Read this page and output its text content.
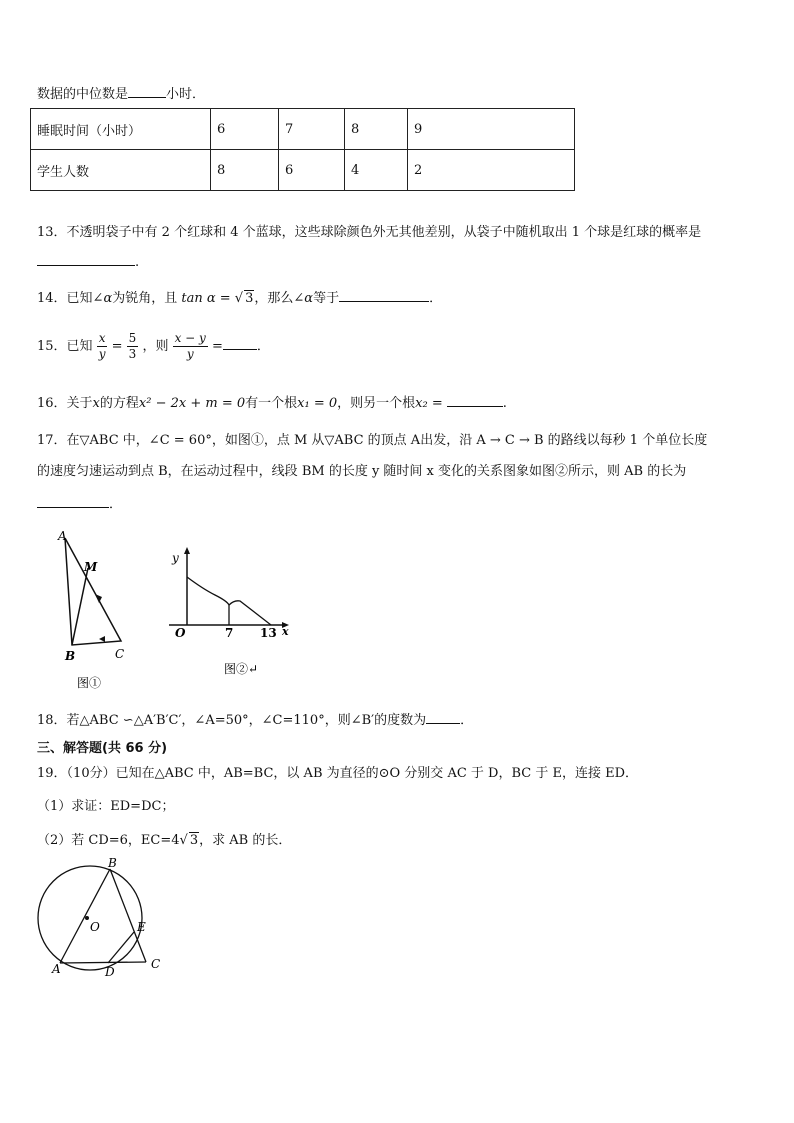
数据的中位数是	小时．
睡眠时间（小时）	6	7	8	9
学生人数	8	6	4	2
13．不透明袋子中有 2 个红球和 4 个蓝球，这些球除颜色外无其他差别，从袋子中随机取出 1 个球是红球的概率是
.
14．已知∠α为锐角，且 tan α = √ 3，那么∠α等于	．
15．已知 $\frac{x}{y} = \frac{5}{3}$ ，则 $\frac{x - y}{y}$ =	．
16．关于x的方程x² − 2x + m = 0有一个根x₁ = 0，则另一个根x₂ =	.
17．在▽ABC 中，∠C = 60°，如图①，点 M 从▽ABC 的顶点 A出发，沿 A → C → B 的路线以每秒 1 个单位长度
的速度匀速运动到点 B，在运动过程中，线段 BM 的长度 y 随时间 x 变化的关系图象如图②所示，则 AB 的长为
．
A
M
B	C
图①
y
O	7 13 x
图②↵
18．若△ABC ∽△A′B′C′，∠A=50°，∠C=110°，则∠B′的度数为	．
三、解答题(共 66 分)
19．（10分）已知在△ABC 中，AB=BC，以 AB 为直径的⊙O 分别交 AC 于 D，BC 于 E，连接 ED．
（1）求证：ED=DC；
（2）若 CD=6，EC=4√ 3，求 AB 的长．
B
O	E
A	D
C
